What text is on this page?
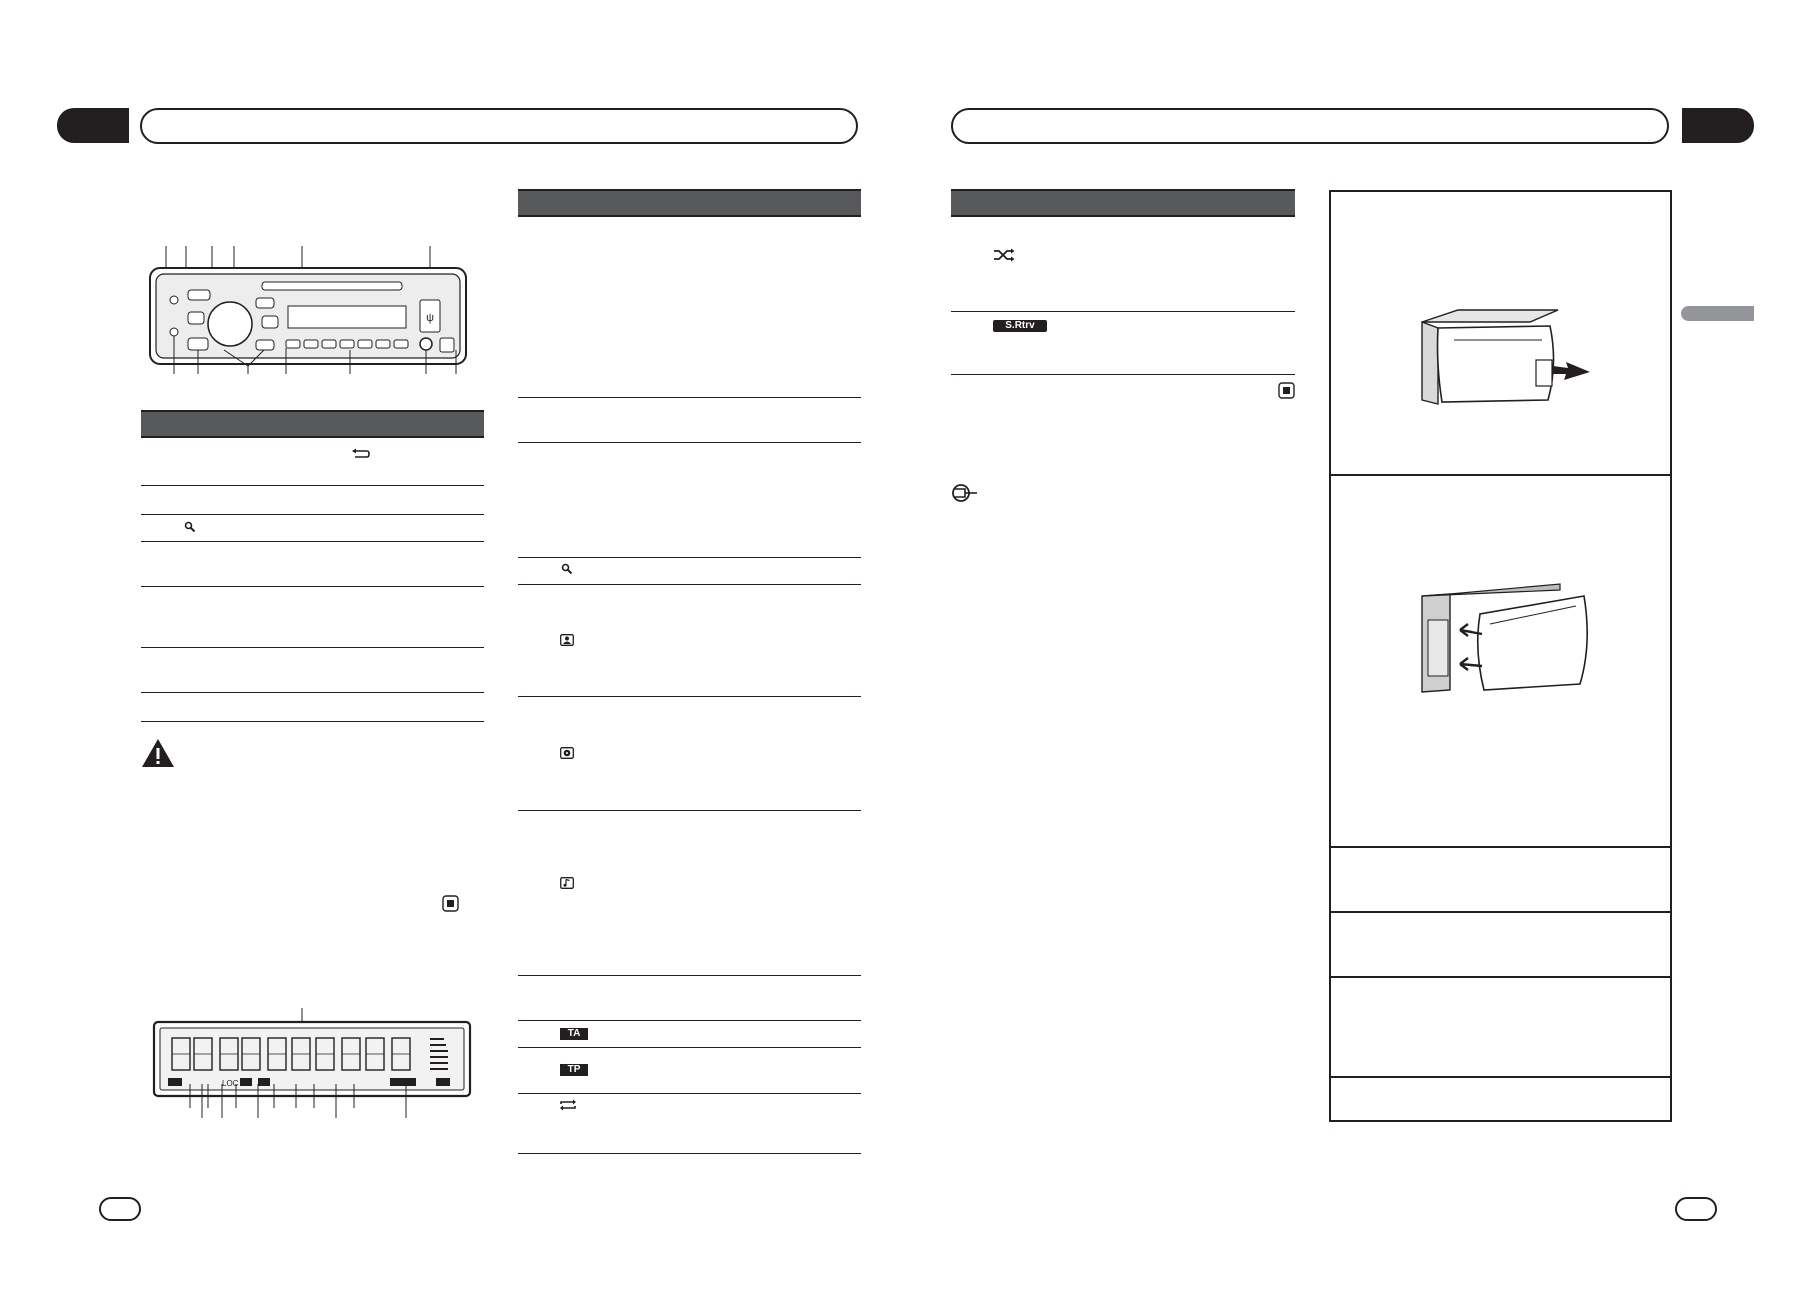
ψ
LOC
TA
TP
S.Rtrv
